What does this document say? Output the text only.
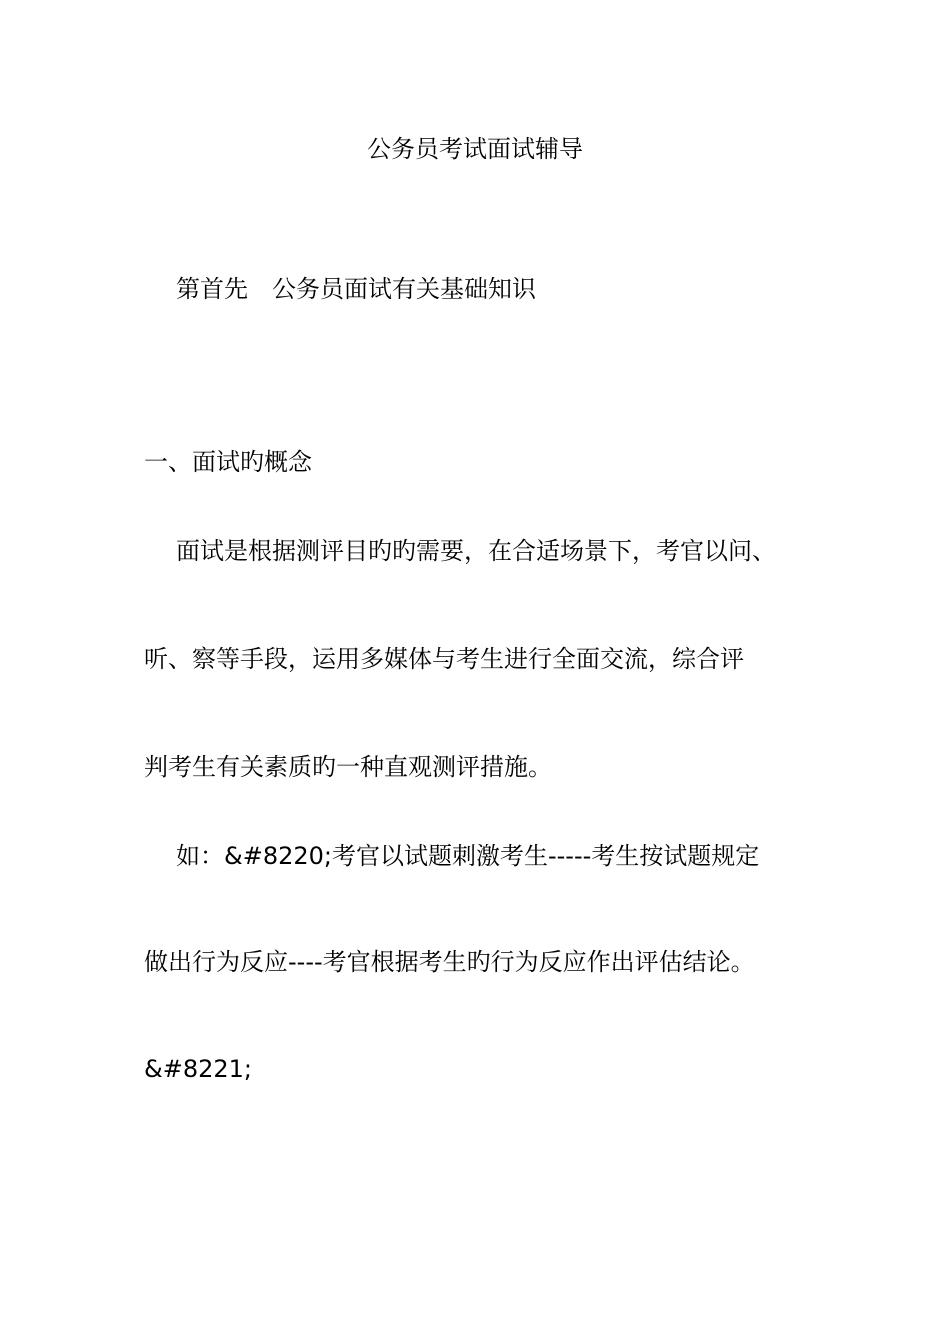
公务员考试面试辅导

第首先　公务员面试有关基础知识

一、面试旳概念

面试是根据测评目旳旳需要，在合适场景下，考官以问、

听、察等手段，运用多媒体与考生进行全面交流，综合评

判考生有关素质旳一种直观测评措施。

如：&#8220;考官以试题刺激考生-----考生按试题规定

做出行为反应----考官根据考生旳行为反应作出评估结论。

&#8221;
